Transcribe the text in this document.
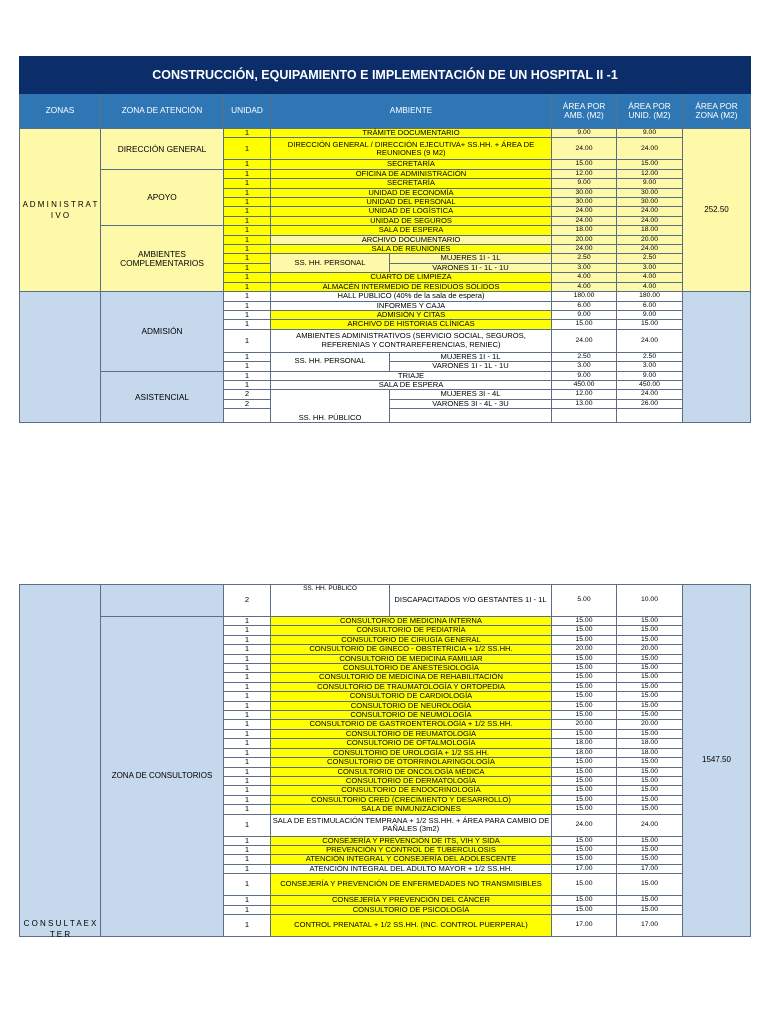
CONSTRUCCIÓN, EQUIPAMIENTO E IMPLEMENTACIÓN DE UN HOSPITAL II -1							
ZONAS	ZONA DE ATENCIÓN	UNIDAD	AMBIENTE		ÁREA POR AMB. (M2)	ÁREA POR UNID. (M2)	ÁREA POR ZONA (M2)
A D M I N I S T R A T I V O	DIRECCIÓN GENERAL	1	TRÁMITE DOCUMENTARIO		9.00	9.00	252.50
		1	DIRECCIÓN GENERAL / DIRECCIÓN EJECUTIVA+ SS.HH. + ÁREA DE REUNIONES (9 M2)		24.00	24.00	
		1	SECRETARÍA		15.00	15.00	
	APOYO	1	OFICINA DE ADMINISTRACIÓN		12.00	12.00	
		1	SECRETARÍA		9.00	9.00	
		1	UNIDAD DE ECONOMÍA		30.00	30.00	
		1	UNIDAD DEL PERSONAL		30.00	30.00	
		1	UNIDAD DE LOGÍSTICA		24.00	24.00	
		1	UNIDAD DE SEGUROS		24.00	24.00	
	AMBIENTES COMPLEMENTARIOS	1	SALA DE ESPERA		18.00	18.00	
		1	ARCHIVO DOCUMENTARIO		20.00	20.00	
		1	SALA DE REUNIONES		24.00	24.00	
		1	SS. HH. PERSONAL	MUJERES 1I - 1L	2.50	2.50	
		1		VARONES 1I - 1L - 1U	3.00	3.00	
		1	CUARTO DE LIMPIEZA		4.00	4.00	
		1	ALMACÉN INTERMEDIO DE RESIDUOS SÓLIDOS		4.00	4.00	
	ADMISIÓN	1	HALL PÚBLICO (40% de la sala de espera)		180.00	180.00	
		1	INFORMES Y CAJA		6.00	6.00	
		1	ADMISIÓN Y CITAS		9.00	9.00	
		1	ARCHIVO DE HISTORIAS CLÍNICAS		15.00	15.00	
		1	AMBIENTES ADMINISTRATIVOS (SERVICIO SOCIAL, SEGUROS, REFERENIAS Y CONTRAREFERENCIAS, RENIEC)		24.00	24.00	
		1	SS. HH. PERSONAL	MUJERES 1I - 1L	2.50	2.50	
		1		VARONES 1I - 1L - 1U	3.00	3.00	
	ASISTENCIAL	1	TRIAJE		9.00	9.00	
		1	SALA DE ESPERA		450.00	450.00	
		2	SS. HH. PÚBLICO	MUJERES 3I - 4L	12.00	24.00	
		2		VARONES 3I - 4L - 3U	13.00	26.00	

C O N S U L T A E X T E R		2	SS. HH. PÚBLICO	DISCAPACITADOS Y/O GESTANTES 1I - 1L	5.00	10.00	1547.50
	ZONA DE CONSULTORIOS	1	CONSULTORIO DE MEDICINA INTERNA		15.00	15.00	
		1	CONSULTORIO DE PEDIATRÍA		15.00	15.00	
		1	CONSULTORIO DE CIRUGÍA GENERAL		15.00	15.00	
		1	CONSULTORIO DE GINECO - OBSTETRICIA + 1/2 SS.HH.		20.00	20.00	
		1	CONSULTORIO DE MEDICINA FAMILIAR		15.00	15.00	
		1	CONSULTORIO DE ANESTESIOLOGÍA		15.00	15.00	
		1	CONSULTORIO DE MEDICINA DE REHABILITACIÓN		15.00	15.00	
		1	CONSULTORIO DE TRAUMATOLOGÍA Y ORTOPEDIA		15.00	15.00	
		1	CONSULTORIO DE CARDIOLOGÍA		15.00	15.00	
		1	CONSULTORIO DE NEUROLOGÍA		15.00	15.00	
		1	CONSULTORIO DE NEUMOLOGÍA		15.00	15.00	
		1	CONSULTORIO DE GASTROENTEROLOGÍA + 1/2 SS.HH.		20.00	20.00	
		1	CONSULTORIO DE REUMATOLOGÍA		15.00	15.00	
		1	CONSULTORIO DE OFTALMOLOGÍA		18.00	18.00	
		1	CONSULTORIO DE UROLOGÍA + 1/2 SS.HH.		18.00	18.00	
		1	CONSULTORIO DE OTORRINOLARINGOLOGÍA		15.00	15.00	
		1	CONSULTORIO DE ONCOLOGÍA MÉDICA		15.00	15.00	
		1	CONSULTORIO DE DERMATOLOGÍA		15.00	15.00	
		1	CONSULTORIO DE ENDOCRINOLOGÍA		15.00	15.00	
		1	CONSULTORIO CRED (CRECIMIENTO Y DESARROLLO)		15.00	15.00	
		1	SALA DE INMUNIZACIONES		15.00	15.00	
		1	SALA DE ESTIMULACIÓN TEMPRANA + 1/2 SS.HH. + ÁREA PARA CAMBIO DE PAÑALES (3m2)		24.00	24.00	
		1	CONSEJERÍA Y PREVENCIÓN DE ITS, VIH Y SIDA		15.00	15.00	
		1	PREVENCIÓN Y CONTROL DE TUBERCULOSIS		15.00	15.00	
		1	ATENCIÓN INTEGRAL Y CONSEJERÍA DEL ADOLESCENTE		15.00	15.00	
		1	ATENCIÓN INTEGRAL DEL ADULTO MAYOR + 1/2 SS.HH.		17.00	17.00	
		1	CONSEJERÍA Y PREVENCIÓN DE ENFERMEDADES NO TRANSMISIBLES		15.00	15.00	
		1	CONSEJERÍA Y PREVENCIÓN DEL CÁNCER		15.00	15.00	
		1	CONSULTORIO DE PSICOLOGÍA		15.00	15.00	
		1	CONTROL PRENATAL + 1/2 SS.HH. (INC. CONTROL PUERPERAL)		17.00	17.00	
